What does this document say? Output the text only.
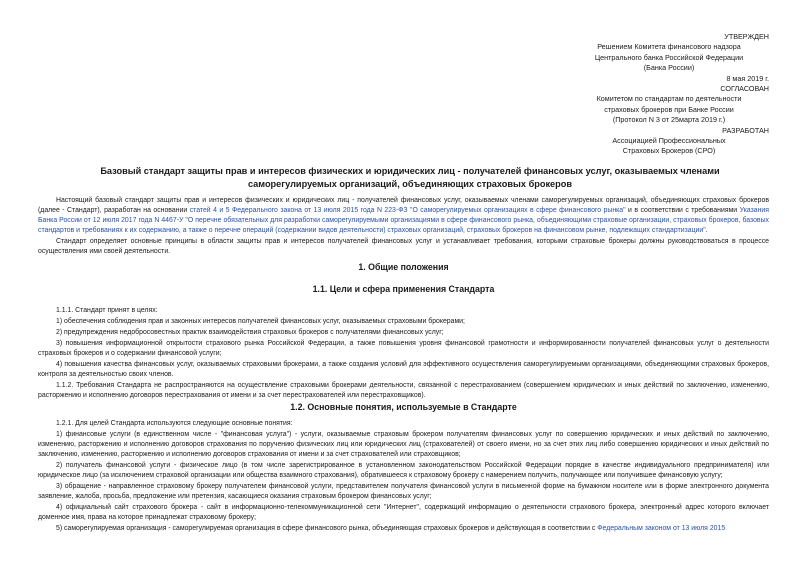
УТВЕРЖДЕН
Решением Комитета финансового надзора
Центрального банка Российской Федерации
(Банка России)
8 мая 2019 г.
СОГЛАСОВАН
Комитетом по стандартам по деятельности
страховых брокеров при Банке России
(Протокол N 3 от 25марта 2019 г.)
РАЗРАБОТАН
Ассоциацией Профессиональных
Страховых Брокеров (СРО)
Базовый стандарт защиты прав и интересов физических и юридических лиц - получателей финансовых услуг, оказываемых членами саморегулируемых организаций, объединяющих страховых брокеров

Настоящий базовый стандарт защиты прав и интересов физических и юридических лиц - получателей финансовых услуг, оказываемых членами саморегулируемых организаций, объединяющих страховых брокеров (далее - Стандарт), разработан на основании статей 4 и 5 Федерального закона от 13 июля 2015 года N 223-ФЗ "О саморегулируемых организациях в сфере финансового рынка" и в соответствии с требованиями Указания Банка России от 12 июля 2017 года N 4467-У "О перечне обязательных для разработки саморегулируемыми организациями в сфере финансового рынка, объединяющими страховые организации, страховых брокеров, базовых стандартов и требованиях к их содержанию, а также о перечне операций (содержании видов деятельности) страховых организаций, страховых брокеров на финансовом рынке, подлежащих стандартизации".

Стандарт определяет основные принципы в области защиты прав и интересов получателей финансовых услуг и устанавливает требования, которыми страховые брокеры должны руководствоваться в процессе осуществления ими своей деятельности.

1. Общие положения
1.1. Цели и сфера применения Стандарта

1.1.1. Стандарт принят в целях:

1) обеспечения соблюдения прав и законных интересов получателей финансовых услуг, оказываемых страховыми брокерами;

2) предупреждения недобросовестных практик взаимодействия страховых брокеров с получателями финансовых услуг;

3) повышения информационной открытости страхового рынка Российской Федерации, а также повышения уровня финансовой грамотности и информированности получателей финансовых услуг о деятельности страховых брокеров и о содержании финансовой услуги;

4) повышения качества финансовых услуг, оказываемых страховыми брокерами, а также создания условий для эффективного осуществления саморегулируемыми организациями, объединяющими страховых брокеров, контроля за деятельностью своих членов.

1.1.2. Требования Стандарта не распространяются на осуществление страховыми брокерами деятельности, связанной с перестрахованием (совершением юридических и иных действий по заключению, изменению, расторжению и исполнению договоров перестрахования от имени и за счет перестрахователей или перестраховщиков).

1.2. Основные понятия, используемые в Стандарте

1.2.1. Для целей Стандарта используются следующие основные понятия:

1) финансовые услуги (в единственном числе - "финансовая услуга") - услуги, оказываемые страховым брокером получателям финансовых услуг по совершению юридических и иных действий по заключению, изменению, расторжению и исполнению договоров страхования по поручению физических лиц или юридических лиц (страхователей) от своего имени, но за счет этих лиц либо совершению юридических и иных действий по заключению, изменению, расторжению и исполнению договоров страхования от имени и за счет страхователей или страховщиков;

2) получатель финансовой услуги - физическое лицо (в том числе зарегистрированное в установленном законодательством Российской Федерации порядке в качестве индивидуального предпринимателя) или юридическое лицо (за исключением страховой организации или общества взаимного страхования), обратившееся к страховому брокеру с намерением получить, получающее или получившее финансовую услугу;

3) обращение - направленное страховому брокеру получателем финансовой услуги, представителем получателя финансовой услуги в письменной форме на бумажном носителе или в форме электронного документа заявление, жалоба, просьба, предложение или претензия, касающиеся оказания страховым брокером финансовых услуг;

4) официальный сайт страхового брокера - сайт в информационно-телекоммуникационной сети "Интернет", содержащий информацию о деятельности страхового брокера, электронный адрес которого включает доменное имя, права на которое принадлежат страховому брокеру;

5) саморегулируемая организация - саморегулируемая организация в сфере финансового рынка, объединяющая страховых брокеров и действующая в соответствии с Федеральным законом от 13 июля 2015
